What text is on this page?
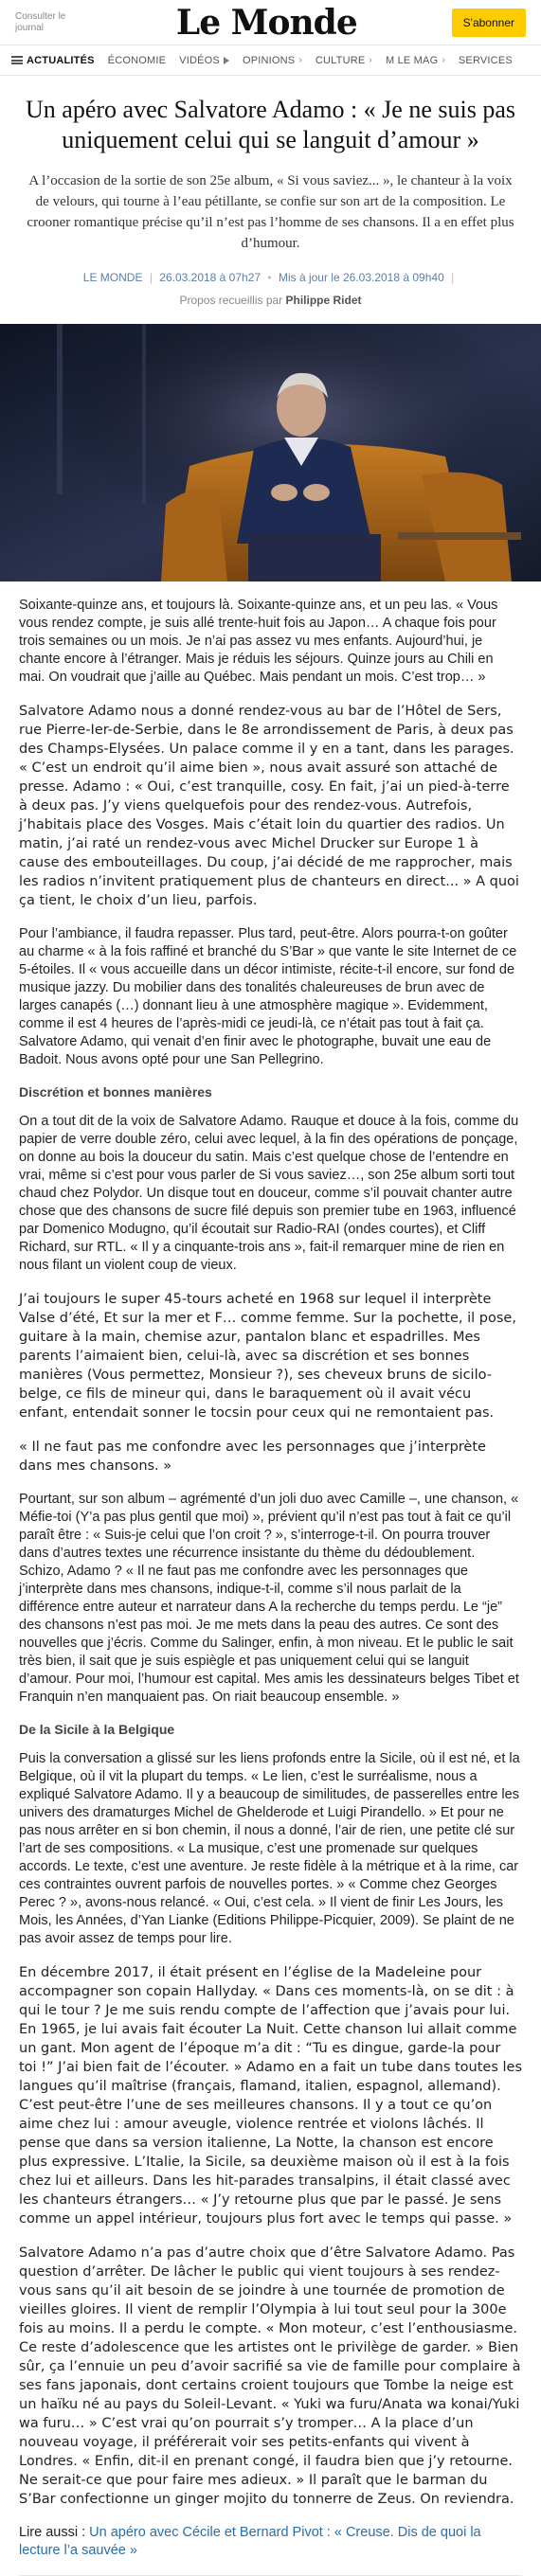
Consulter le journal	Le Monde	S'abonner
ACTUALITÉS ÉCONOMIE VIDÉOS OPINIONS › CULTURE › M LE MAG › SERVICES
Un apéro avec Salvatore Adamo : « Je ne suis pas uniquement celui qui se languit d’amour »

A l’occasion de la sortie de son 25e album, « Si vous saviez... », le chanteur à la voix de velours, qui tourne à l’eau pétillante, se confie sur son art de la composition. Le crooner romantique précise qu’il n’est pas l’homme de ses chansons. Il a en effet plus d’humour.

LE MONDE | 26.03.2018 à 07h27 • Mis à jour le 26.03.2018 à 09h40 |
Propos recueillis par Philippe Ridet

Soixante-quinze ans, et toujours là. Soixante-quinze ans, et un peu las. « Vous vous rendez compte, je suis allé trente-huit fois au Japon… A chaque fois pour trois semaines ou un mois. Je n’ai pas assez vu mes enfants. Aujourd’hui, je chante encore à l’étranger. Mais je réduis les séjours. Quinze jours au Chili en mai. On voudrait que j’aille au Québec. Mais pendant un mois. C’est trop… »

Salvatore Adamo nous a donné rendez-vous au bar de l’Hôtel de Sers, rue Pierre-Ier-de-Serbie, dans le 8e arrondissement de Paris, à deux pas des Champs-Elysées. Un palace comme il y en a tant, dans les parages. « C’est un endroit qu’il aime bien », nous avait assuré son attaché de presse. Adamo : « Oui, c’est tranquille, cosy. En fait, j’ai un pied-à-terre à deux pas. J’y viens quelquefois pour des rendez-vous. Autrefois, j’habitais place des Vosges. Mais c’était loin du quartier des radios. Un matin, j’ai raté un rendez-vous avec Michel Drucker sur Europe 1 à cause des embouteillages. Du coup, j’ai décidé de me rapprocher, mais les radios n’invitent pratiquement plus de chanteurs en direct... » A quoi ça tient, le choix d’un lieu, parfois.

Pour l’ambiance, il faudra repasser. Plus tard, peut-être. Alors pourra-t-on goûter au charme « à la fois raffiné et branché du S’Bar » que vante le site Internet de ce 5-étoiles. Il « vous accueille dans un décor intimiste, récite-t-il encore, sur fond de musique jazzy. Du mobilier dans des tonalités chaleureuses de brun avec de larges canapés (…) donnant lieu à une atmosphère magique ». Evidemment, comme il est 4 heures de l’après-midi ce jeudi-là, ce n’était pas tout à fait ça. Salvatore Adamo, qui venait d’en finir avec le photographe, buvait une eau de Badoit. Nous avons opté pour une San Pellegrino.

Discrétion et bonnes manières

On a tout dit de la voix de Salvatore Adamo. Rauque et douce à la fois, comme du papier de verre double zéro, celui avec lequel, à la fin des opérations de ponçage, on donne au bois la douceur du satin. Mais c’est quelque chose de l’entendre en vrai, même si c’est pour vous parler de Si vous saviez…, son 25e album sorti tout chaud chez Polydor. Un disque tout en douceur, comme s’il pouvait chanter autre chose que des chansons de sucre filé depuis son premier tube en 1963, influencé par Domenico Modugno, qu’il écoutait sur Radio-RAI (ondes courtes), et Cliff Richard, sur RTL. « Il y a cinquante-trois ans », fait-il remarquer mine de rien en nous filant un violent coup de vieux.

J’ai toujours le super 45-tours acheté en 1968 sur lequel il interprète Valse d’été, Et sur la mer et F… comme femme. Sur la pochette, il pose, guitare à la main, chemise azur, pantalon blanc et espadrilles. Mes parents l’aimaient bien, celui-là, avec sa discrétion et ses bonnes manières (Vous permettez, Monsieur ?), ses cheveux bruns de sicilo-belge, ce fils de mineur qui, dans le baraquement où il avait vécu enfant, entendait sonner le tocsin pour ceux qui ne remontaient pas.

« Il ne faut pas me confondre avec les personnages que j’interprète dans mes chansons. »

Pourtant, sur son album – agrémenté d’un joli duo avec Camille –, une chanson, « Méfie-toi (Y’a pas plus gentil que moi) », prévient qu’il n’est pas tout à fait ce qu’il paraît être : « Suis-je celui que l’on croit ? », s’interroge-t-il. On pourra trouver dans d’autres textes une récurrence insistante du thème du dédoublement. Schizo, Adamo ? « Il ne faut pas me confondre avec les personnages que j’interprète dans mes chansons, indique-t-il, comme s’il nous parlait de la différence entre auteur et narrateur dans A la recherche du temps perdu. Le “je” des chansons n’est pas moi. Je me mets dans la peau des autres. Ce sont des nouvelles que j’écris. Comme du Salinger, enfin, à mon niveau. Et le public le sait très bien, il sait que je suis espiègle et pas uniquement celui qui se languit d’amour. Pour moi, l’humour est capital. Mes amis les dessinateurs belges Tibet et Franquin n’en manquaient pas. On riait beaucoup ensemble. »

De la Sicile à la Belgique

Puis la conversation a glissé sur les liens profonds entre la Sicile, où il est né, et la Belgique, où il vit la plupart du temps. « Le lien, c’est le surréalisme, nous a expliqué Salvatore Adamo. Il y a beaucoup de similitudes, de passerelles entre les univers des dramaturges Michel de Ghelderode et Luigi Pirandello. » Et pour ne pas nous arrêter en si bon chemin, il nous a donné, l’air de rien, une petite clé sur l’art de ses compositions. « La musique, c’est une promenade sur quelques accords. Le texte, c’est une aventure. Je reste fidèle à la métrique et à la rime, car ces contraintes ouvrent parfois de nouvelles portes. » « Comme chez Georges Perec ? », avons-nous relancé. « Oui, c’est cela. » Il vient de finir Les Jours, les Mois, les Années, d’Yan Lianke (Editions Philippe-Picquier, 2009). Se plaint de ne pas avoir assez de temps pour lire.

En décembre 2017, il était présent en l’église de la Madeleine pour accompagner son copain Hallyday. « Dans ces moments-là, on se dit : à qui le tour ? Je me suis rendu compte de l’affection que j’avais pour lui. En 1965, je lui avais fait écouter La Nuit. Cette chanson lui allait comme un gant. Mon agent de l’époque m’a dit : “Tu es dingue, garde-la pour toi !” J’ai bien fait de l’écouter. » Adamo en a fait un tube dans toutes les langues qu’il maîtrise (français, flamand, italien, espagnol, allemand). C’est peut-être l’une de ses meilleures chansons. Il y a tout ce qu’on aime chez lui : amour aveugle, violence rentrée et violons lâchés. Il pense que dans sa version italienne, La Notte, la chanson est encore plus expressive. L’Italie, la Sicile, sa deuxième maison où il est à la fois chez lui et ailleurs. Dans les hit-parades transalpins, il était classé avec les chanteurs étrangers… « J’y retourne plus que par le passé. Je sens comme un appel intérieur, toujours plus fort avec le temps qui passe. »

Salvatore Adamo n’a pas d’autre choix que d’être Salvatore Adamo. Pas question d’arrêter. De lâcher le public qui vient toujours à ses rendez-vous sans qu’il ait besoin de se joindre à une tournée de promotion de vieilles gloires. Il vient de remplir l’Olympia à lui tout seul pour la 300e fois au moins. Il a perdu le compte. « Mon moteur, c’est l’enthousiasme. Ce reste d’adolescence que les artistes ont le privilège de garder. » Bien sûr, ça l’ennuie un peu d’avoir sacrifié sa vie de famille pour complaire à ses fans japonais, dont certains croient toujours que Tombe la neige est un haïku né au pays du Soleil-Levant. « Yuki wa furu/Anata wa konai/Yuki wa furu… » C’est vrai qu’on pourrait s’y tromper… A la place d’un nouveau voyage, il préférerait voir ses petits-enfants qui vivent à Londres. « Enfin, dit-il en prenant congé, il faudra bien que j’y retourne. Ne serait-ce que pour faire mes adieux. » Il paraît que le barman du S’Bar confectionne un ginger mojito du tonnerre de Zeus. On reviendra.

Lire aussi : Un apéro avec Cécile et Bernard Pivot : « Creuse. Dis de quoi la lecture l’a sauvée »
